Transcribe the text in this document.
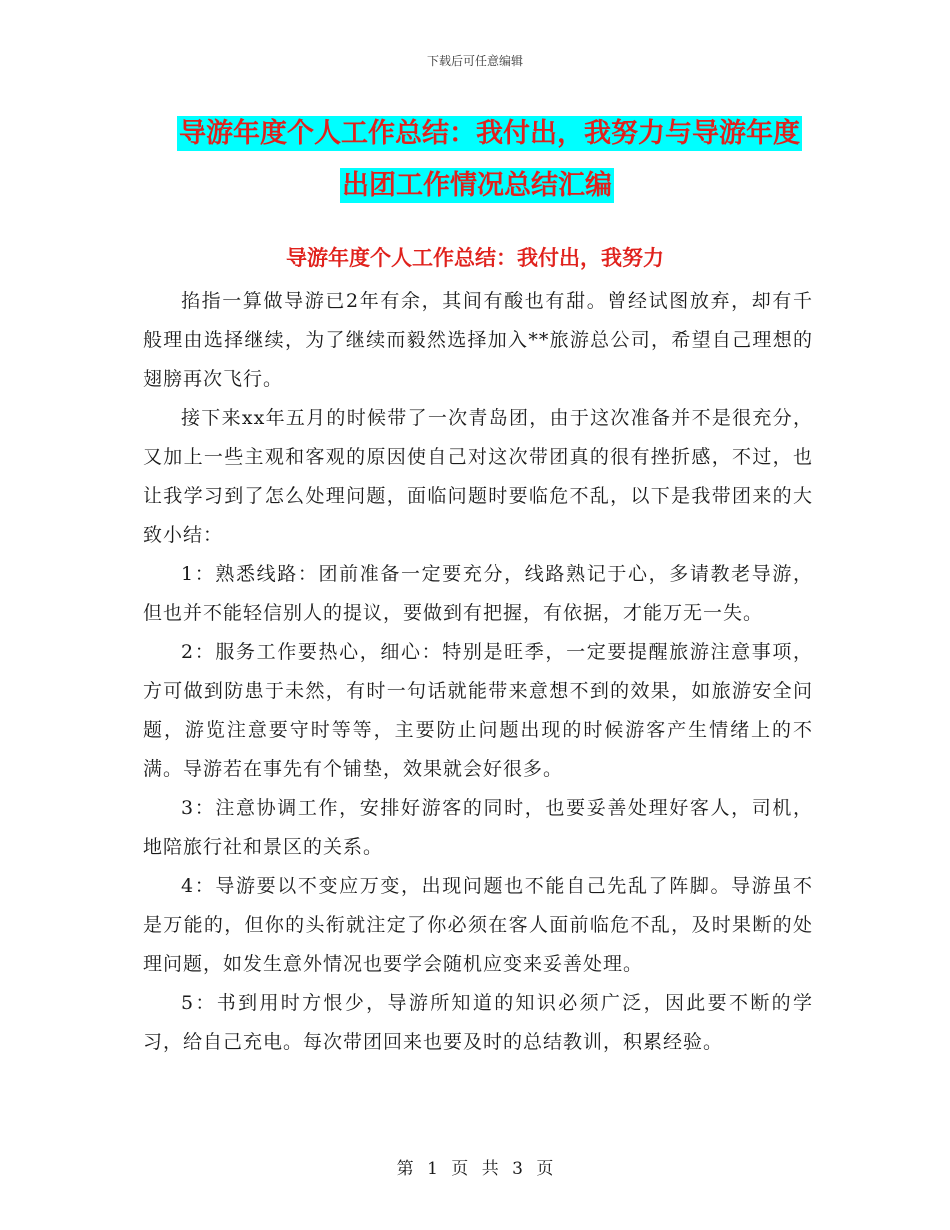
下载后可任意编辑
导游年度个人工作总结：我付出，我努力与导游年度
出团工作情况总结汇编
导游年度个人工作总结：我付出，我努力

掐指一算做导游已2年有余，其间有酸也有甜。曾经试图放弃，却有千般理由选择继续，为了继续而毅然选择加入**旅游总公司，希望自己理想的翅膀再次飞行。

接下来xx年五月的时候带了一次青岛团，由于这次准备并不是很充分，又加上一些主观和客观的原因使自己对这次带团真的很有挫折感，不过，也让我学习到了怎么处理问题，面临问题时要临危不乱，以下是我带团来的大致小结：

1：熟悉线路：团前准备一定要充分，线路熟记于心，多请教老导游，但也并不能轻信别人的提议，要做到有把握，有依据，才能万无一失。

2：服务工作要热心，细心：特别是旺季，一定要提醒旅游注意事项，方可做到防患于未然，有时一句话就能带来意想不到的效果，如旅游安全问题，游览注意要守时等等，主要防止问题出现的时候游客产生情绪上的不满。导游若在事先有个铺垫，效果就会好很多。

3：注意协调工作，安排好游客的同时，也要妥善处理好客人，司机，地陪旅行社和景区的关系。

4：导游要以不变应万变，出现问题也不能自己先乱了阵脚。导游虽不是万能的，但你的头衔就注定了你必须在客人面前临危不乱，及时果断的处理问题，如发生意外情况也要学会随机应变来妥善处理。

5：书到用时方恨少，导游所知道的知识必须广泛，因此要不断的学习，给自己充电。每次带团回来也要及时的总结教训，积累经验。

第 1 页 共 3 页
